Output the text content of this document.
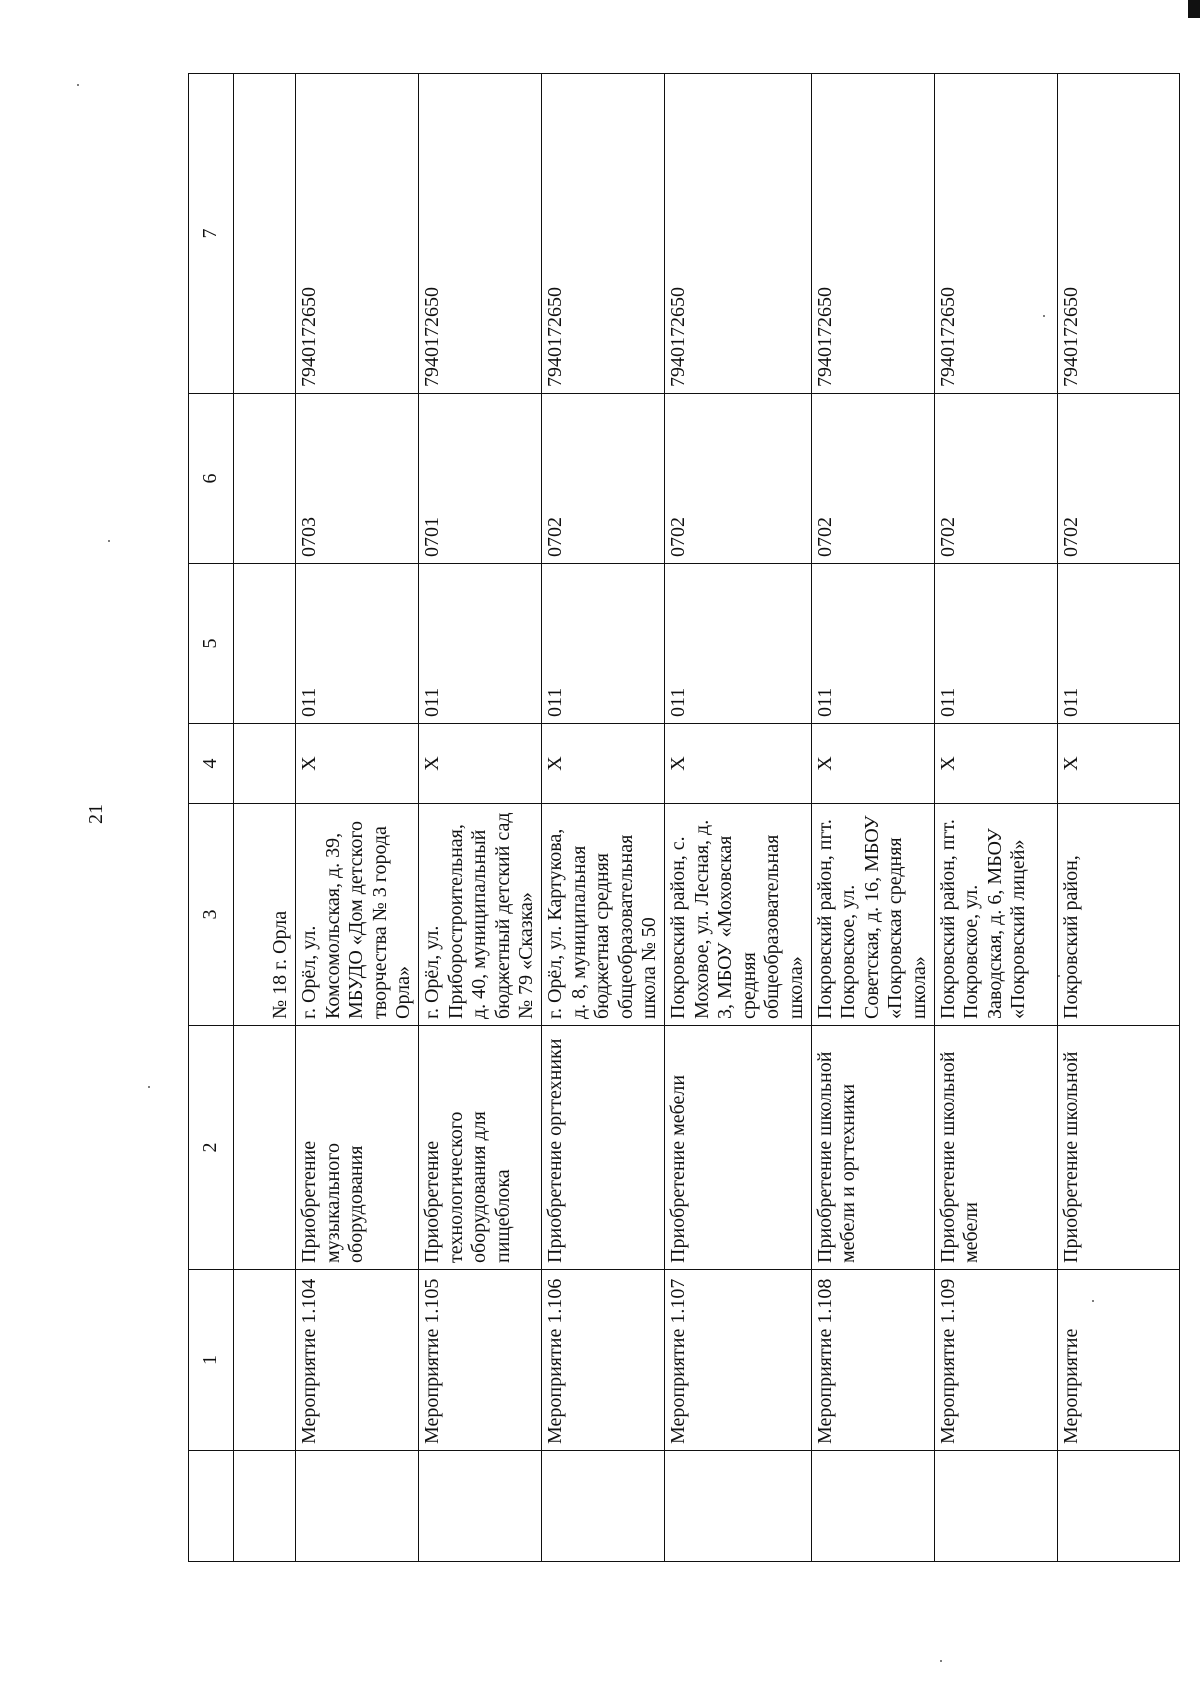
21
	1	2	3	4	5	6	7	
			№ 18 г. Орла					
	Мероприятие 1.104	Приобретение музыкального оборудования	г. Орёл, ул. Комсомольская, д. 39, МБУДО «Дом детского творчества № 3 города Орла»	Х	011	0703	7940172650	
	Мероприятие 1.105	Приобретение технологического оборудования для пищеблока	г. Орёл, ул. Приборостроительная, д. 40, муниципальный бюджетный детский сад № 79 «Сказка»	Х	011	0701	7940172650	
	Мероприятие 1.106	Приобретение оргтехники	г. Орёл, ул. Картукова, д. 8, муниципальная бюджетная средняя общеобразовательная школа № 50	Х	011	0702	7940172650	
	Мероприятие 1.107	Приобретение мебели	Покровский район, с. Моховое, ул. Лесная, д. 3, МБОУ «Моховская средняя общеобразовательная школа»	Х	011	0702	7940172650	
	Мероприятие 1.108	Приобретение школьной мебели и оргтехники	Покровский район, пгт. Покровское, ул. Советская, д. 16, МБОУ «Покровская средняя школа»	Х	011	0702	7940172650	
	Мероприятие 1.109	Приобретение школьной мебели	Покровский район, пгт. Покровское, ул. Заводская, д. 6, МБОУ «Покровский лицей»	Х	011	0702	7940172650	
	Мероприятие	Приобретение школьной	Покровский район,	Х	011	0702	7940172650	
